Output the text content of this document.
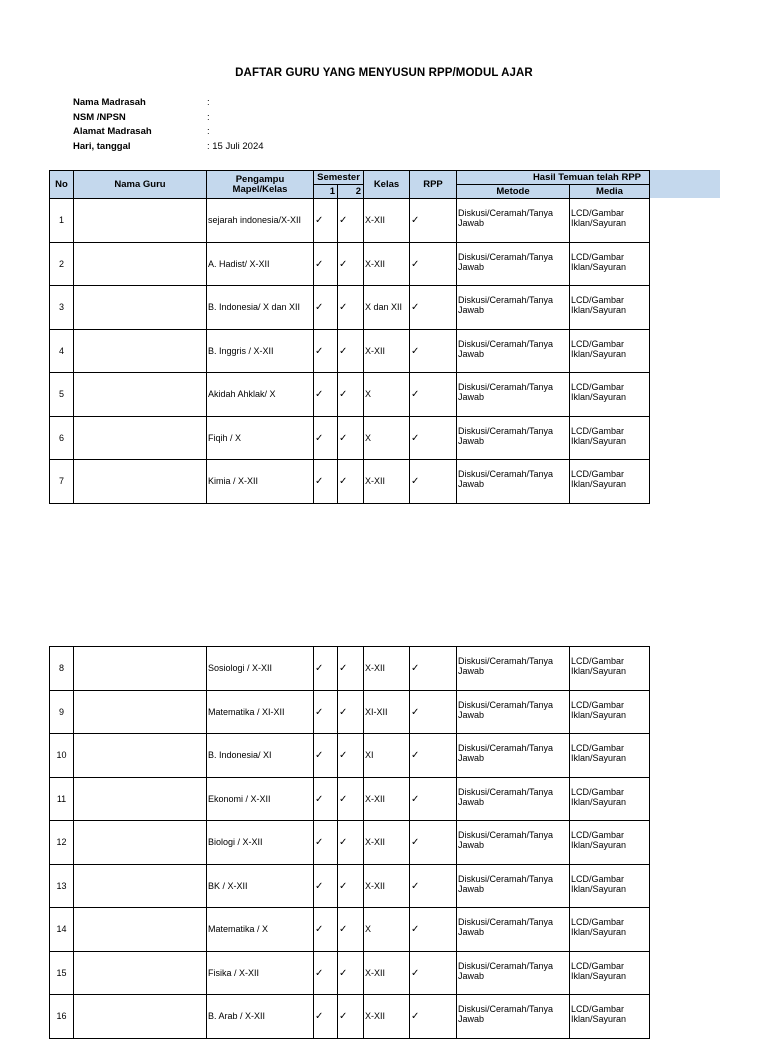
DAFTAR GURU YANG MENYUSUN RPP/MODUL AJAR
Nama Madrasah	:
NSM /NPSN	:
Alamat Madrasah	:
Hari, tanggal	: 15 Juli 2024
No	Nama Guru	Pengampu Mapel/Kelas	Semester		Kelas	RPP	Hasil Temuan telah RPP	
			1	2			Metode	Media
1		sejarah indonesia/X-XII	✓	✓	X-XII	✓	Diskusi/Ceramah/Tanya Jawab	LCD/Gambar Iklan/Sayuran
2		A. Hadist/ X-XII	✓	✓	X-XII	✓	Diskusi/Ceramah/Tanya Jawab	LCD/Gambar Iklan/Sayuran
3		B. Indonesia/ X dan XII	✓	✓	X dan XII	✓	Diskusi/Ceramah/Tanya Jawab	LCD/Gambar Iklan/Sayuran
4		B. Inggris / X-XII	✓	✓	X-XII	✓	Diskusi/Ceramah/Tanya Jawab	LCD/Gambar Iklan/Sayuran
5		Akidah Ahklak/ X	✓	✓	X	✓	Diskusi/Ceramah/Tanya Jawab	LCD/Gambar Iklan/Sayuran
6		Fiqih / X	✓	✓	X	✓	Diskusi/Ceramah/Tanya Jawab	LCD/Gambar Iklan/Sayuran
7		Kimia / X-XII	✓	✓	X-XII	✓	Diskusi/Ceramah/Tanya Jawab	LCD/Gambar Iklan/Sayuran
8		Sosiologi / X-XII	✓	✓	X-XII	✓	Diskusi/Ceramah/Tanya Jawab	LCD/Gambar Iklan/Sayuran
9		Matematika / XI-XII	✓	✓	XI-XII	✓	Diskusi/Ceramah/Tanya Jawab	LCD/Gambar Iklan/Sayuran
10		B. Indonesia/ XI	✓	✓	XI	✓	Diskusi/Ceramah/Tanya Jawab	LCD/Gambar Iklan/Sayuran
11		Ekonomi / X-XII	✓	✓	X-XII	✓	Diskusi/Ceramah/Tanya Jawab	LCD/Gambar Iklan/Sayuran
12		Biologi / X-XII	✓	✓	X-XII	✓	Diskusi/Ceramah/Tanya Jawab	LCD/Gambar Iklan/Sayuran
13		BK / X-XII	✓	✓	X-XII	✓	Diskusi/Ceramah/Tanya Jawab	LCD/Gambar Iklan/Sayuran
14		Matematika / X	✓	✓	X	✓	Diskusi/Ceramah/Tanya Jawab	LCD/Gambar Iklan/Sayuran
15		Fisika / X-XII	✓	✓	X-XII	✓	Diskusi/Ceramah/Tanya Jawab	LCD/Gambar Iklan/Sayuran
16		B. Arab / X-XII	✓	✓	X-XII	✓	Diskusi/Ceramah/Tanya Jawab	LCD/Gambar Iklan/Sayuran
